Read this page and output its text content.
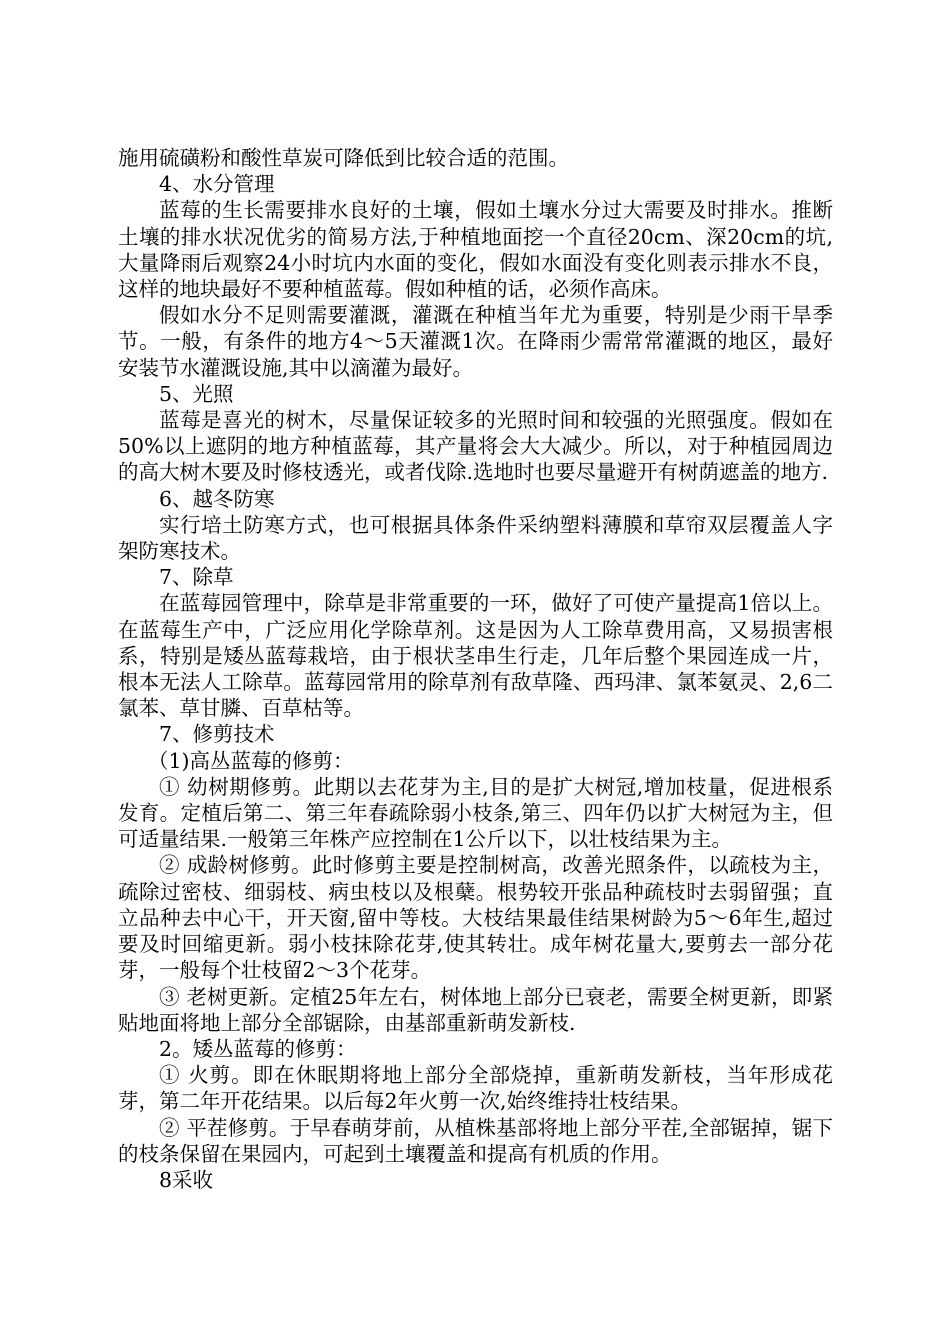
施用硫磺粉和酸性草炭可降低到比较合适的范围。

4、水分管理

蓝莓的生长需要排水良好的土壤，假如土壤水分过大需要及时排水。推断土壤的排水状况优劣的简易方法,于种植地面挖一个直径20cm、深20cm的坑,大量降雨后观察24小时坑内水面的变化，假如水面没有变化则表示排水不良，这样的地块最好不要种植蓝莓。假如种植的话，必须作高床。

假如水分不足则需要灌溉，灌溉在种植当年尤为重要，特别是少雨干旱季节。一般，有条件的地方4～5天灌溉1次。在降雨少需常常灌溉的地区，最好安装节水灌溉设施,其中以滴灌为最好。

5、光照

蓝莓是喜光的树木，尽量保证较多的光照时间和较强的光照强度。假如在50%以上遮阴的地方种植蓝莓，其产量将会大大减少。所以，对于种植园周边的高大树木要及时修枝透光，或者伐除.选地时也要尽量避开有树荫遮盖的地方.

6、越冬防寒

实行培土防寒方式，也可根据具体条件采纳塑料薄膜和草帘双层覆盖人字架防寒技术。

7、除草

在蓝莓园管理中，除草是非常重要的一环，做好了可使产量提高1倍以上。在蓝莓生产中，广泛应用化学除草剂。这是因为人工除草费用高，又易损害根系，特别是矮丛蓝莓栽培，由于根状茎串生行走，几年后整个果园连成一片，根本无法人工除草。蓝莓园常用的除草剂有敌草隆、西玛津、氯苯氨灵、2,6二氯苯、草甘膦、百草枯等。

7、修剪技术

（1)高丛蓝莓的修剪：

① 幼树期修剪。此期以去花芽为主,目的是扩大树冠,增加枝量，促进根系发育。定植后第二、第三年春疏除弱小枝条,第三、四年仍以扩大树冠为主，但可适量结果.一般第三年株产应控制在1公斤以下，以壮枝结果为主。

② 成龄树修剪。此时修剪主要是控制树高，改善光照条件，以疏枝为主，疏除过密枝、细弱枝、病虫枝以及根蘖。根势较开张品种疏枝时去弱留强；直立品种去中心干，开天窗,留中等枝。大枝结果最佳结果树龄为5～6年生,超过要及时回缩更新。弱小枝抹除花芽,使其转壮。成年树花量大,要剪去一部分花芽，一般每个壮枝留2～3个花芽。

③ 老树更新。定植25年左右，树体地上部分已衰老，需要全树更新，即紧贴地面将地上部分全部锯除，由基部重新萌发新枝.

2。矮丛蓝莓的修剪：

① 火剪。即在休眠期将地上部分全部烧掉，重新萌发新枝，当年形成花芽，第二年开花结果。以后每2年火剪一次,始终维持壮枝结果。

② 平茬修剪。于早春萌芽前，从植株基部将地上部分平茬,全部锯掉，锯下的枝条保留在果园内，可起到土壤覆盖和提高有机质的作用。

8采收
